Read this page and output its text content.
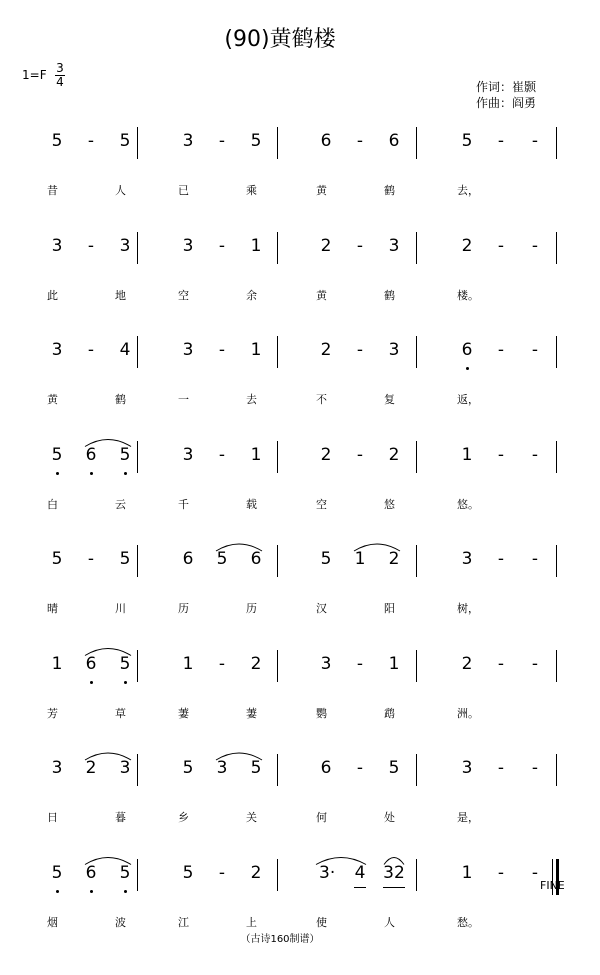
(90)黄鹤楼
1=F 3
4	作词：崔颢
作曲：阎勇
5 - 5
昔	人
3 - 5
已	乘
6 - 6
黄	鹤
5 - -
去，
3 - 3
此	地
3 - 1
空	余
2 - 3
黄	鹤
2 - -
楼。
3 - 4
黄	鹤
3 - 1
一	去
2 - 3
不	复
6 - -
返，
5 6 5
白	云
3 - 1
千	载
2 - 2
空	悠
1 - -
悠。
5 - 5
晴	川
6 5 6
历	历
5 1 2
汉	阳
3 - -
树，
1 6 5
芳	草
1 - 2
萋	萋
3 - 1
鹦	鹉
2 - -
洲。
3 2 3
日	暮
5 3 5
乡	关
6 - 5
何	处
3 - -
是，
5 6 5
烟	波
5 - 2
江	上
3· 4 32
使	人
1 - -
愁。
FINE
（古诗160制谱）
